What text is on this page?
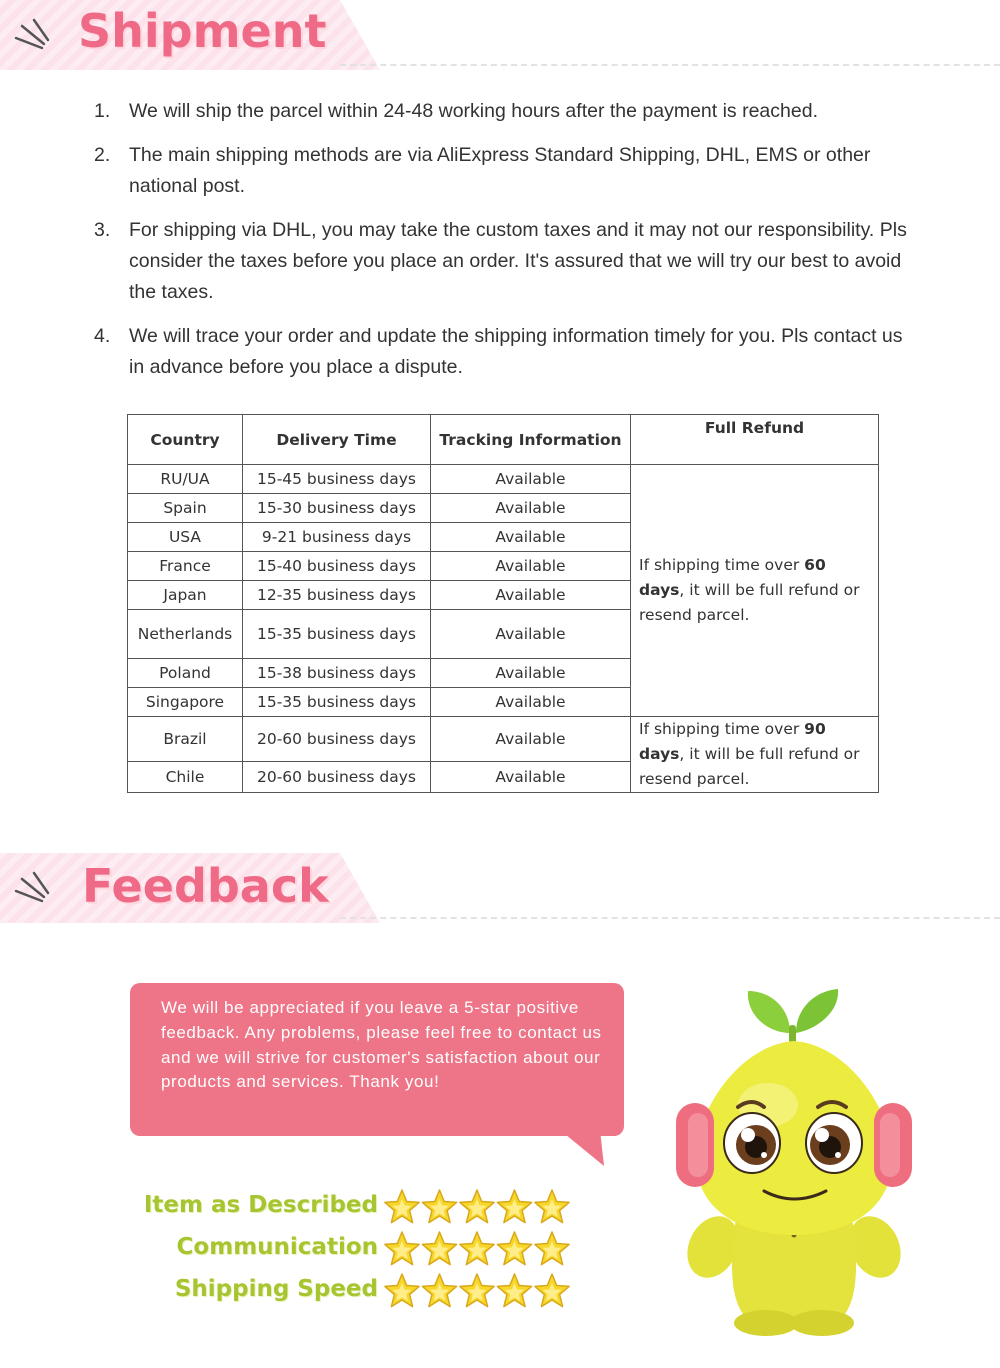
Shipment
1. We will ship the parcel within 24-48 working hours after the payment is reached.
2. The main shipping methods are via AliExpress Standard Shipping, DHL, EMS or other national post.
3. For shipping via DHL, you may take the custom taxes and it may not our responsibility. Pls consider the taxes before you place an order. It's assured that we will try our best to avoid the taxes.
4. We will trace your order and update the shipping information timely for you. Pls contact us in advance before you place a dispute.
Country	Delivery Time	Tracking Information	Full Refund
RU/UA	15-45 business days	Available	If shipping time over 60 days, it will be full refund or resend parcel.
Spain	15-30 business days	Available	
USA	9-21 business days	Available	
France	15-40 business days	Available	
Japan	12-35 business days	Available	
Netherlands	15-35 business days	Available	
Poland	15-38 business days	Available	
Singapore	15-35 business days	Available	
Brazil	20-60 business days	Available	If shipping time over 90 days, it will be full refund or resend parcel.
Chile	20-60 business days	Available	
Feedback
We will be appreciated if you leave a 5-star positive feedback. Any problems, please feel free to contact us and we will strive for customer's satisfaction about our products and services. Thank you!
Item as Described
Communication
Shipping Speed
